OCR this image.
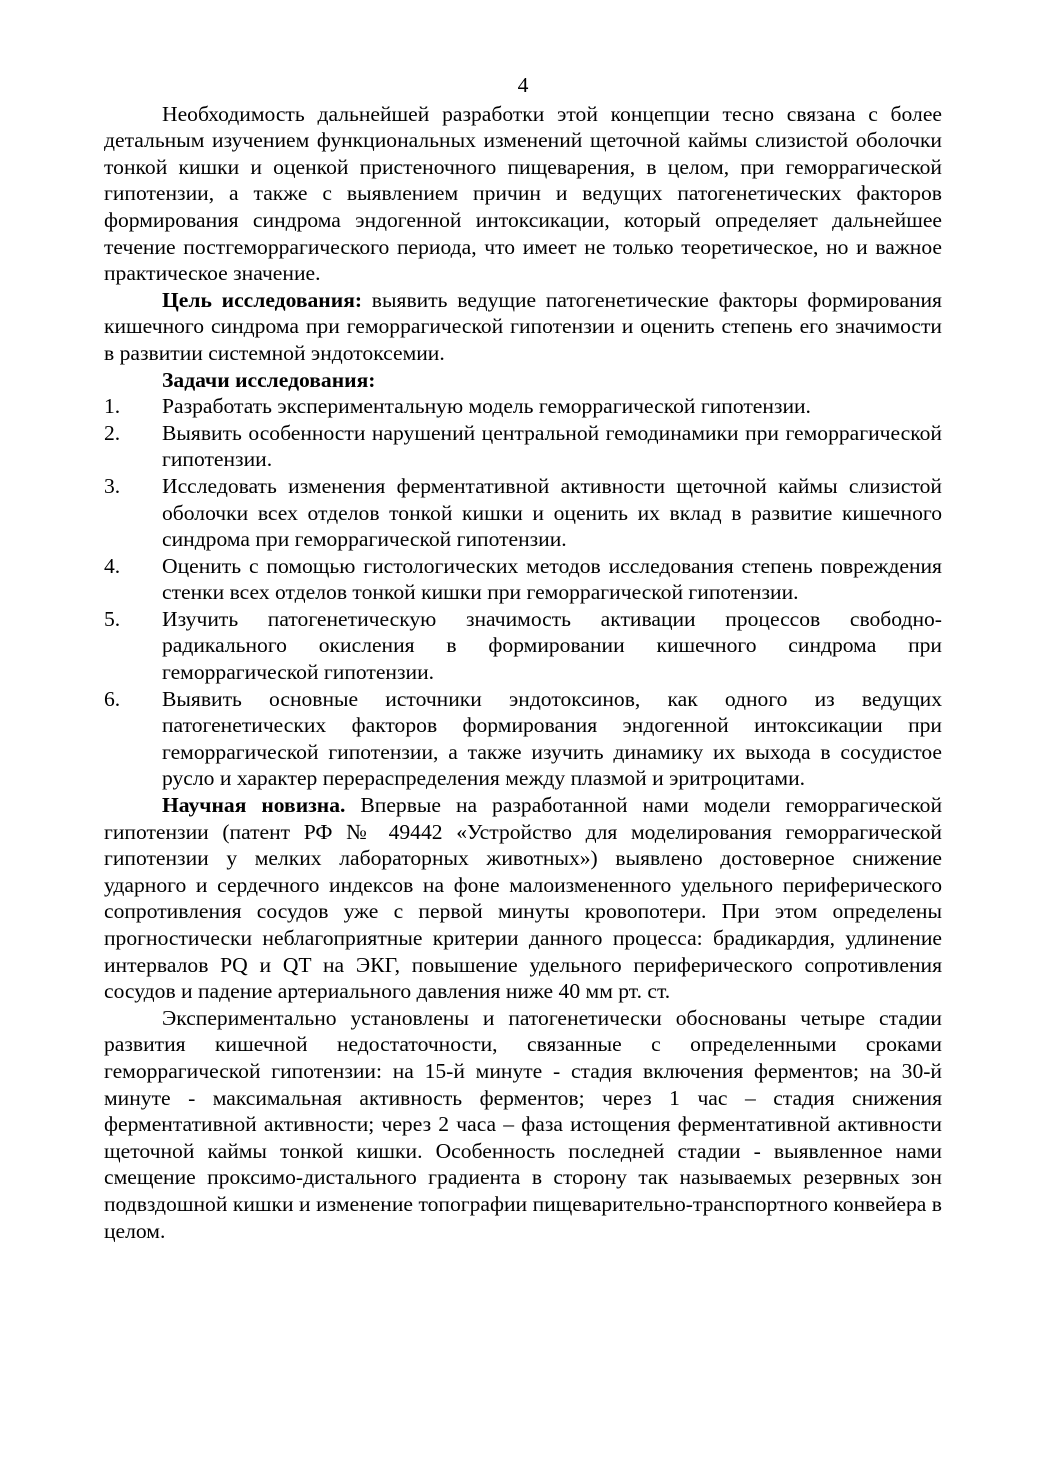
4

Необходимость дальнейшей разработки этой концепции тесно связана с более детальным изучением функциональных изменений щеточной каймы слизистой оболочки тонкой кишки и оценкой пристеночного пищеварения, в целом, при геморрагической гипотензии, а также с выявлением причин и ведущих патогенетических факторов формирования синдрома эндогенной интоксикации, который определяет дальнейшее течение постгеморрагического периода, что имеет не только теоретическое, но и важное практическое значение.

Цель исследования: выявить ведущие патогенетические факторы формирования кишечного синдрома при геморрагической гипотензии и оценить степень его значимости в развитии системной эндотоксемии.

Задачи исследования:

1. Разработать экспериментальную модель геморрагической гипотензии.
2. Выявить особенности нарушений центральной гемодинамики при геморрагической гипотензии.
3. Исследовать изменения ферментативной активности щеточной каймы слизистой оболочки всех отделов тонкой кишки и оценить их вклад в развитие кишечного синдрома при геморрагической гипотензии.
4. Оценить с помощью гистологических методов исследования степень повреждения стенки всех отделов тонкой кишки при геморрагической гипотензии.
5. Изучить патогенетическую значимость активации процессов свободно-радикального окисления в формировании кишечного синдрома при геморрагической гипотензии.
6. Выявить основные источники эндотоксинов, как одного из ведущих патогенетических факторов формирования эндогенной интоксикации при геморрагической гипотензии, а также изучить динамику их выхода в сосудистое русло и характер перераспределения между плазмой и эритроцитами.

Научная новизна. Впервые на разработанной нами модели геморрагической гипотензии (патент РФ № 49442 «Устройство для моделирования геморрагической гипотензии у мелких лабораторных животных») выявлено достоверное снижение ударного и сердечного индексов на фоне малоизмененного удельного периферического сопротивления сосудов уже с первой минуты кровопотери. При этом определены прогностически неблагоприятные критерии данного процесса: брадикардия, удлинение интервалов PQ и QT на ЭКГ, повышение удельного периферического сопротивления сосудов и падение артериального давления ниже 40 мм рт. ст.

Экспериментально установлены и патогенетически обоснованы четыре стадии развития кишечной недостаточности, связанные с определенными сроками геморрагической гипотензии: на 15-й минуте - стадия включения ферментов; на 30-й минуте - максимальная активность ферментов; через 1 час – стадия снижения ферментативной активности; через 2 часа – фаза истощения ферментативной активности щеточной каймы тонкой кишки. Особенность последней стадии - выявленное нами смещение проксимо-дистального градиента в сторону так называемых резервных зон подвздошной кишки и изменение топографии пищеварительно-транспортного конвейера в целом.
